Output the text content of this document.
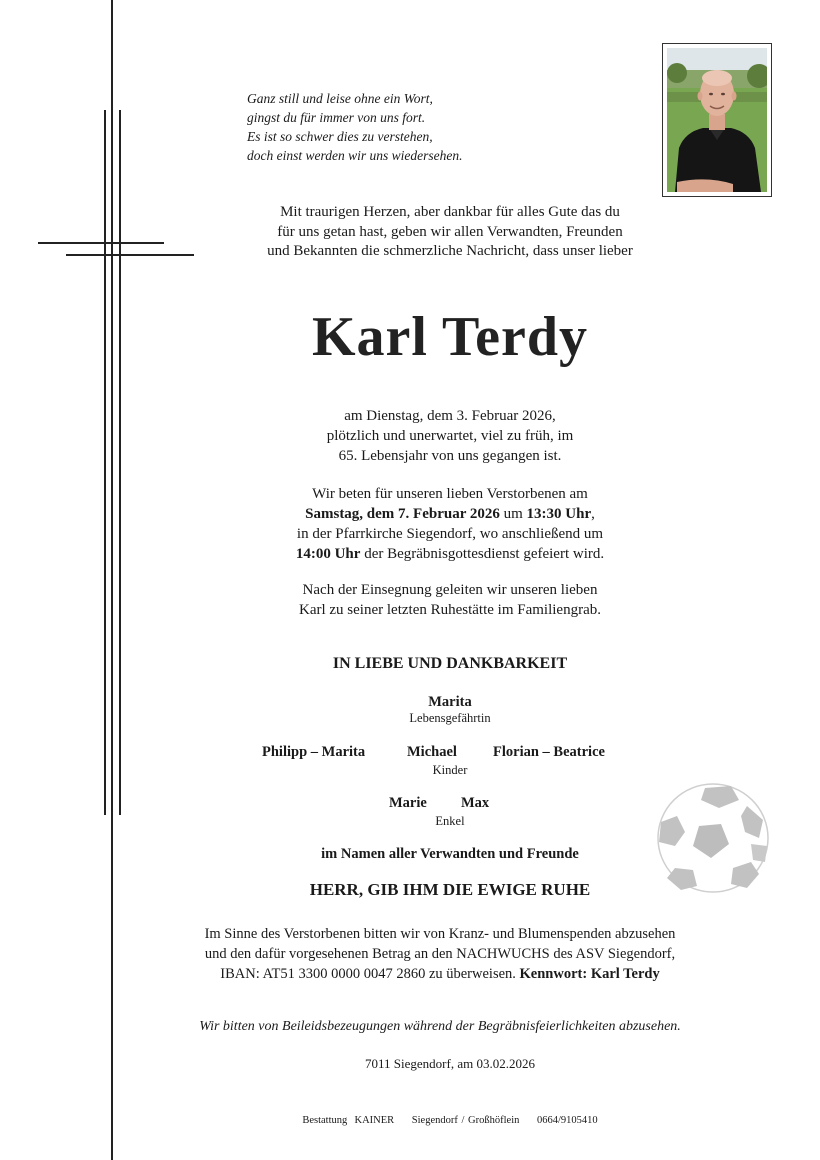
Ganz still und leise ohne ein Wort,
gingst du für immer von uns fort.
Es ist so schwer dies zu verstehen,
doch einst werden wir uns wiedersehen.
Mit traurigen Herzen, aber dankbar für alles Gute das du
für uns getan hast, geben wir allen Verwandten, Freunden
und Bekannten die schmerzliche Nachricht, dass unser lieber
Karl Terdy
am Dienstag, dem 3. Februar 2026,
plötzlich und unerwartet, viel zu früh, im
65. Lebensjahr von uns gegangen ist.
Wir beten für unseren lieben Verstorbenen am
Samstag, dem 7. Februar 2026 um 13:30 Uhr,
in der Pfarrkirche Siegendorf, wo anschließend um
14:00 Uhr der Begräbnisgottesdienst gefeiert wird.
Nach der Einsegnung geleiten wir unseren lieben
Karl zu seiner letzten Ruhestätte im Familiengrab.
IN LIEBE UND DANKBARKEIT
Marita
Lebensgefährtin
Philipp – Marita	Michael Florian – Beatrice
Kinder
Marie Max
Enkel
im Namen aller Verwandten und Freunde
HERR, GIB IHM DIE EWIGE RUHE
Im Sinne des Verstorbenen bitten wir von Kranz- und Blumenspenden abzusehen
und den dafür vorgesehenen Betrag an den NACHWUCHS des ASV Siegendorf,
IBAN: AT51 3300 0000 0047 2860 zu überweisen. Kennwort: Karl Terdy
Wir bitten von Beileidsbezeugungen während der Begräbnisfeierlichkeiten abzusehen.
7011 Siegendorf, am 03.02.2026
Bestattung  KAINER Siegendorf / Großhöflein 0664/9105410
